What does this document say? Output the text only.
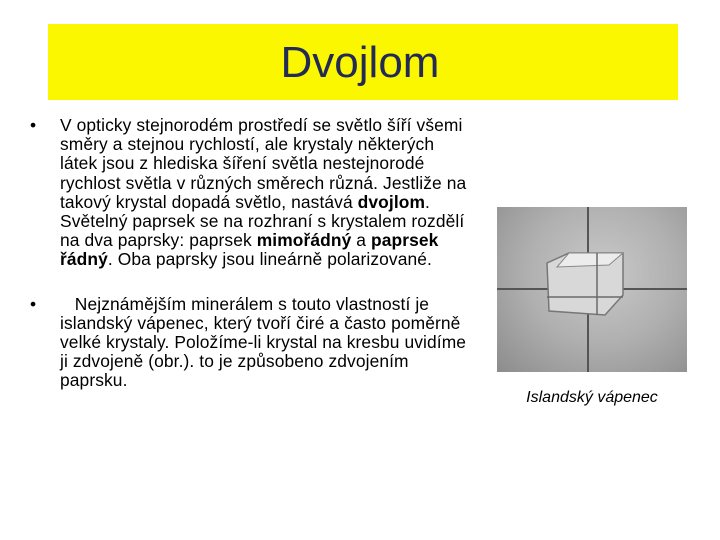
Dvojlom
• V opticky stejnorodém prostředí se světlo šíří všemi směry a stejnou rychlostí, ale krystaly některých látek jsou z hlediska šíření světla nestejnorodé rychlost světla v různých směrech různá. Jestliže na takový krystal dopadá světlo, nastává dvojlom. Světelný paprsek se na rozhraní s krystalem rozdělí na dva paprsky: paprsek mimořádný a paprsek řádný. Oba paprsky jsou lineárně polarizované.
• Nejznámějším minerálem s touto vlastností je islandský vápenec, který tvoří čiré a často poměrně velké krystaly. Položíme-li krystal na kresbu uvidíme ji zdvojeně (obr.). to je způsobeno zdvojením paprsku.
Islandský vápenec
